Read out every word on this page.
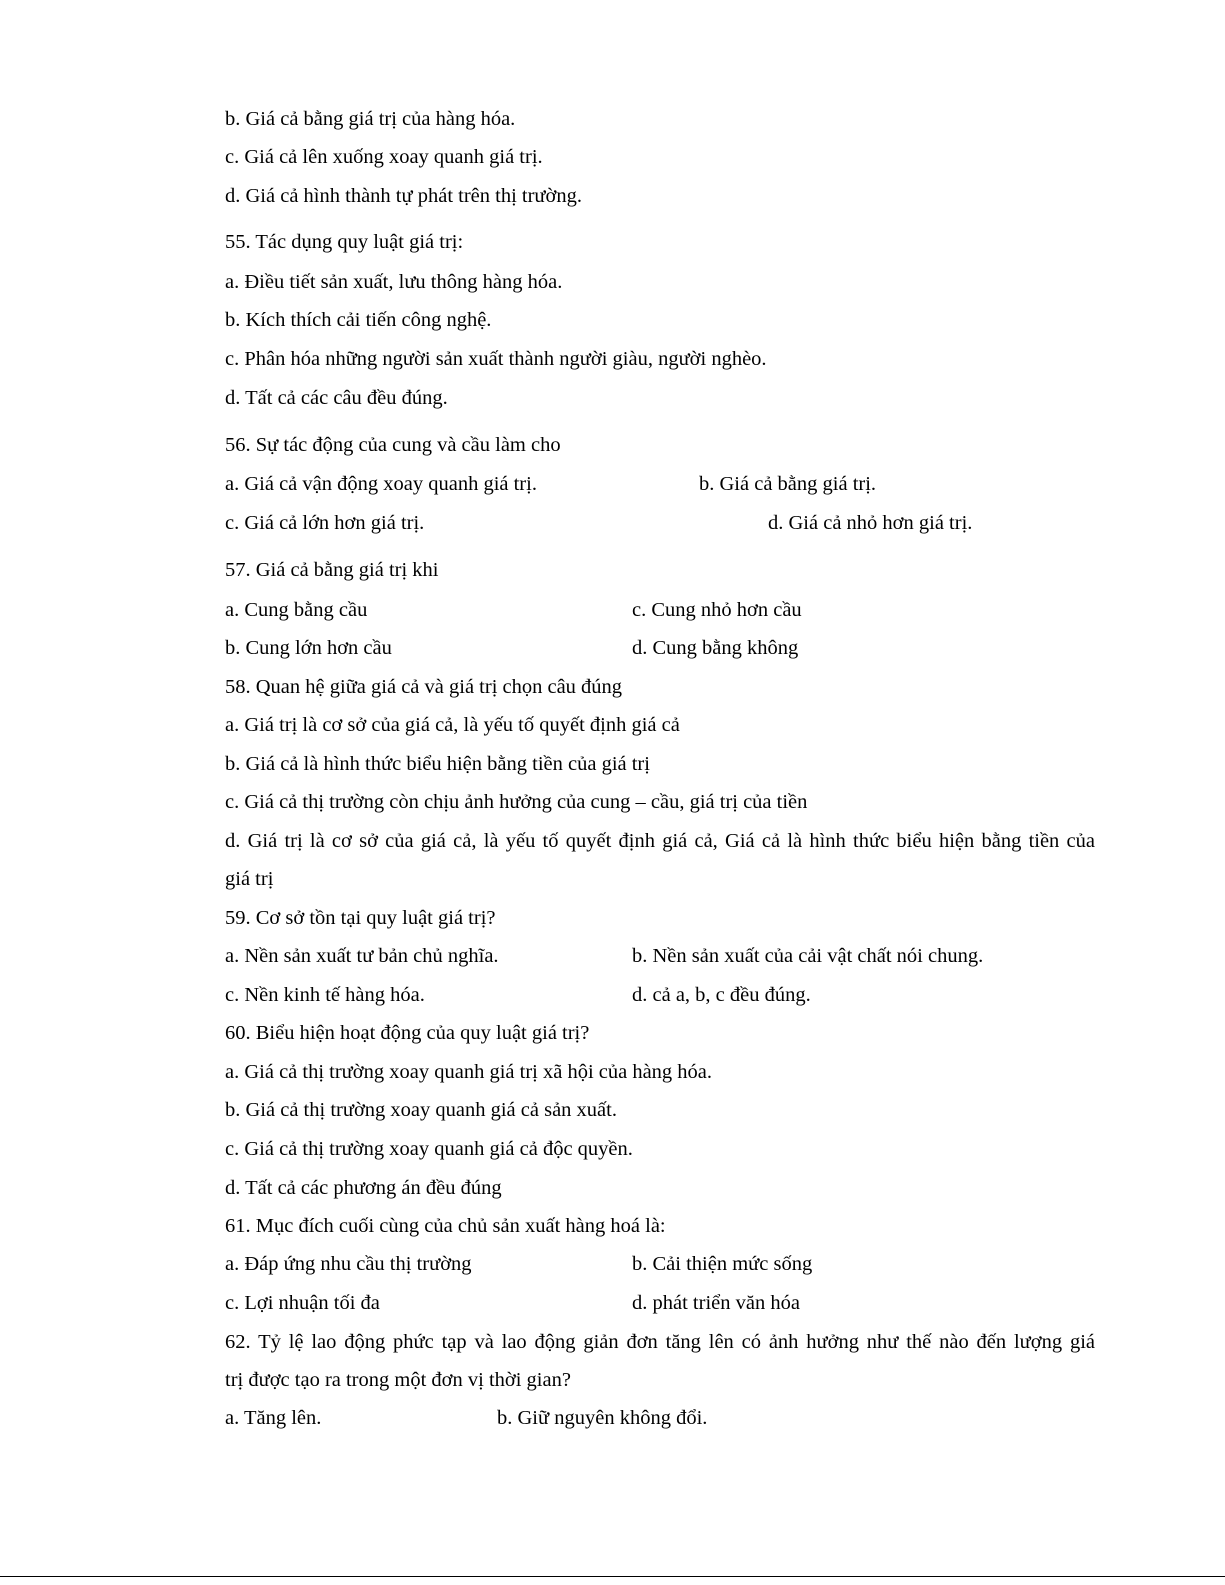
b. Giá cả bằng giá trị của hàng hóa.
c. Giá cả lên xuống xoay quanh giá trị.
d. Giá cả hình thành tự phát trên thị trường.
55. Tác dụng quy luật giá trị:
a. Điều tiết sản xuất, lưu thông hàng hóa.
b. Kích thích cải tiến công nghệ.
c. Phân hóa những người sản xuất thành người giàu, người nghèo.
d. Tất cả các câu đều đúng.
56. Sự tác động của cung và cầu làm cho
a. Giá cả vận động xoay quanh giá trị.	b. Giá cả bằng giá trị.
c. Giá cả lớn hơn giá trị.	d. Giá cả nhỏ hơn giá trị.
57. Giá cả bằng giá trị khi
a. Cung bằng cầu	c. Cung nhỏ hơn cầu
b. Cung lớn hơn cầu	d. Cung bằng không
58. Quan hệ giữa giá cả và giá trị chọn câu đúng
a. Giá trị là cơ sở của giá cả, là yếu tố quyết định giá cả
b. Giá cả là hình thức biểu hiện bằng tiền của giá trị
c. Giá cả thị trường còn chịu ảnh hưởng của cung – cầu, giá trị của tiền
d. Giá trị là cơ sở của giá cả, là yếu tố quyết định giá cả, Giá cả là hình thức biểu hiện bằng tiền của
giá trị
59. Cơ sở tồn tại quy luật giá trị?
a. Nền sản xuất tư bản chủ nghĩa.	b. Nền sản xuất của cải vật chất nói chung.
c. Nền kinh tế hàng hóa.	d. cả a, b, c đều đúng.
60. Biểu hiện hoạt động của quy luật giá trị?
a. Giá cả thị trường xoay quanh giá trị xã hội của hàng hóa.
b. Giá cả thị trường xoay quanh giá cả sản xuất.
c. Giá cả thị trường xoay quanh giá cả độc quyền.
d. Tất cả các phương án đều đúng
61. Mục đích cuối cùng của chủ sản xuất hàng hoá là:
a. Đáp ứng nhu cầu thị trường	b. Cải thiện mức sống
c. Lợi nhuận tối đa	d. phát triển văn hóa
62. Tỷ lệ lao động phức tạp và lao động giản đơn tăng lên có ảnh hưởng như thế nào đến lượng giá
trị được tạo ra trong một đơn vị thời gian?
a. Tăng lên.	b. Giữ nguyên không đổi.
